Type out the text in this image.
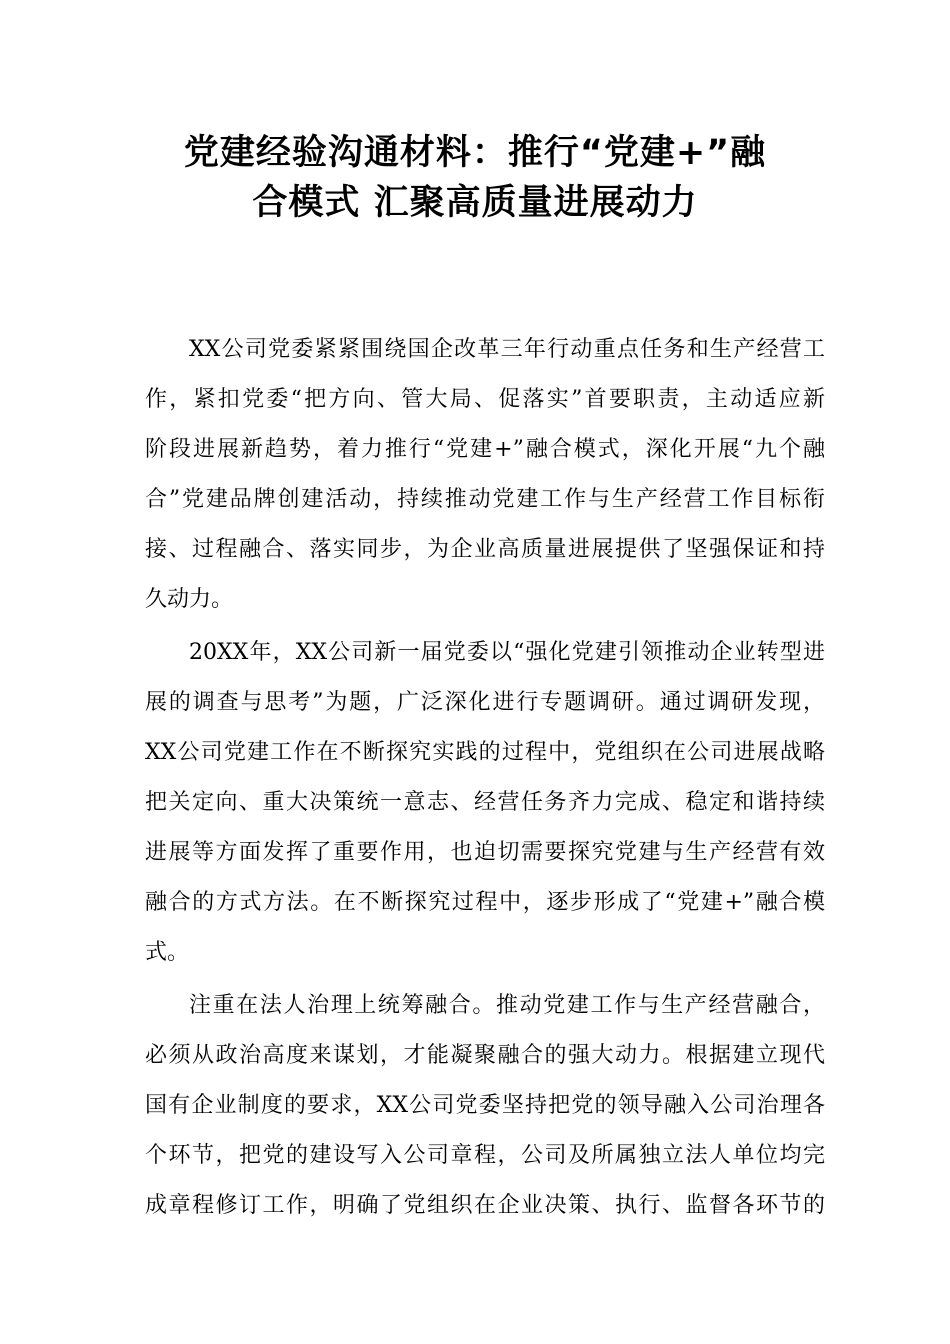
党建经验沟通材料：推行“党建+”融
合模式 汇聚高质量进展动力
XX公司党委紧紧围绕国企改革三年行动重点任务和生产经营工
作，紧扣党委“把方向、管大局、促落实”首要职责，主动适应新
阶段进展新趋势，着力推行“党建+”融合模式，深化开展“九个融
合”党建品牌创建活动，持续推动党建工作与生产经营工作目标衔
接、过程融合、落实同步，为企业高质量进展提供了坚强保证和持
久动力。
20XX年，XX公司新一届党委以“强化党建引领推动企业转型进
展的调查与思考”为题，广泛深化进行专题调研。通过调研发现，
XX公司党建工作在不断探究实践的过程中，党组织在公司进展战略
把关定向、重大决策统一意志、经营任务齐力完成、稳定和谐持续
进展等方面发挥了重要作用，也迫切需要探究党建与生产经营有效
融合的方式方法。在不断探究过程中，逐步形成了“党建+”融合模
式。
注重在法人治理上统筹融合。推动党建工作与生产经营融合，
必须从政治高度来谋划，才能凝聚融合的强大动力。根据建立现代
国有企业制度的要求，XX公司党委坚持把党的领导融入公司治理各
个环节，把党的建设写入公司章程，公司及所属独立法人单位均完
成章程修订工作，明确了党组织在企业决策、执行、监督各环节的
